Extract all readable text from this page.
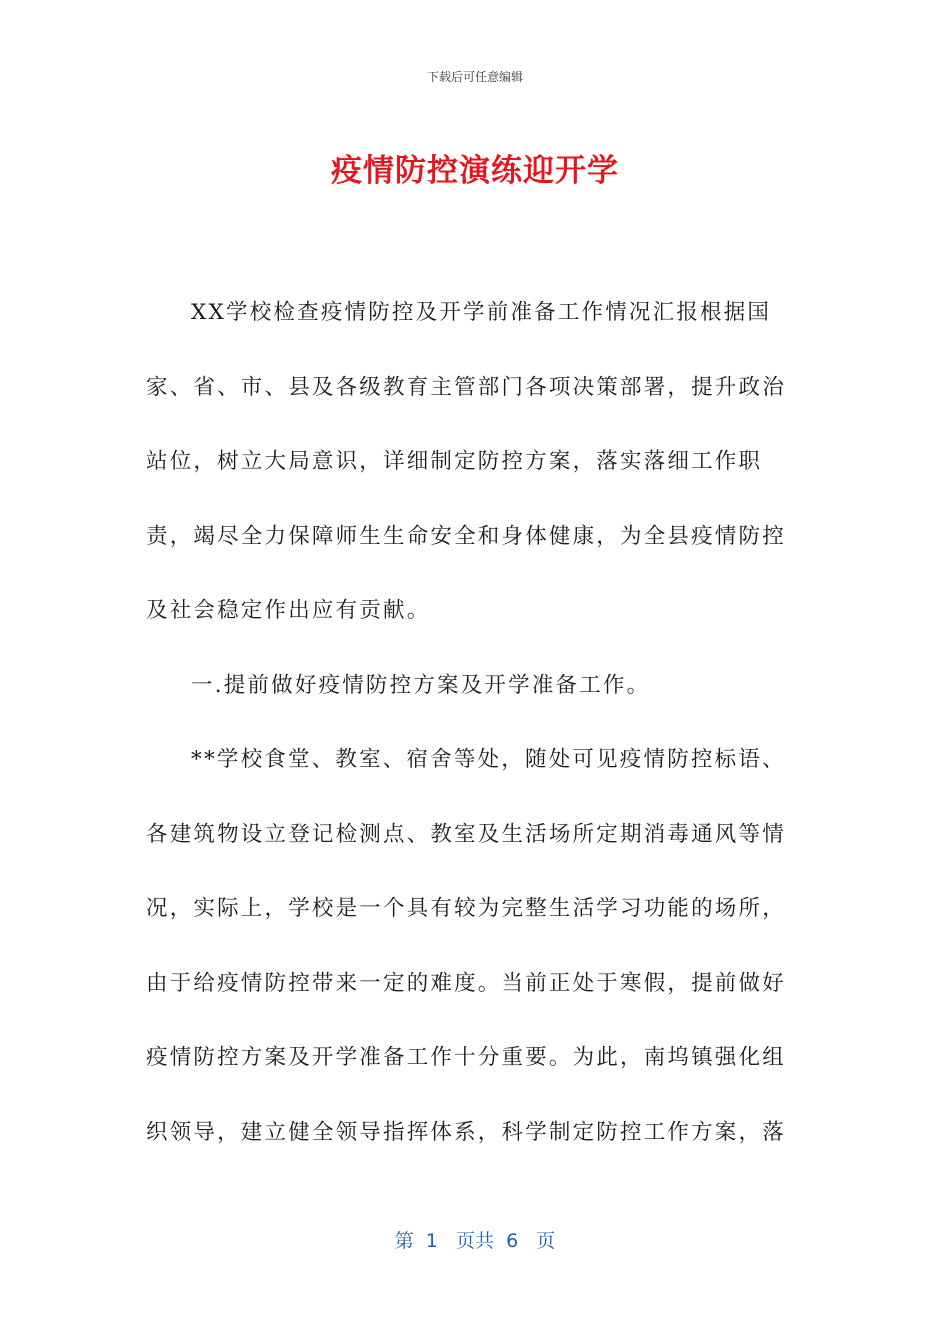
下载后可任意编辑
疫情防控演练迎开学

XX学校检查疫情防控及开学前准备工作情况汇报根据国家、省、市、县及各级教育主管部门各项决策部署，提升政治站位，树立大局意识，详细制定防控方案，落实落细工作职责，竭尽全力保障师生生命安全和身体健康，为全县疫情防控及社会稳定作出应有贡献。

一.提前做好疫情防控方案及开学准备工作。

**学校食堂、教室、宿舍等处，随处可见疫情防控标语、各建筑物设立登记检测点、教室及生活场所定期消毒通风等情况，实际上，学校是一个具有较为完整生活学习功能的场所，由于给疫情防控带来一定的难度。当前正处于寒假，提前做好疫情防控方案及开学准备工作十分重要。为此，南坞镇强化组织领导，建立健全领导指挥体系，科学制定防控工作方案，落

第  1   页共  6   页
